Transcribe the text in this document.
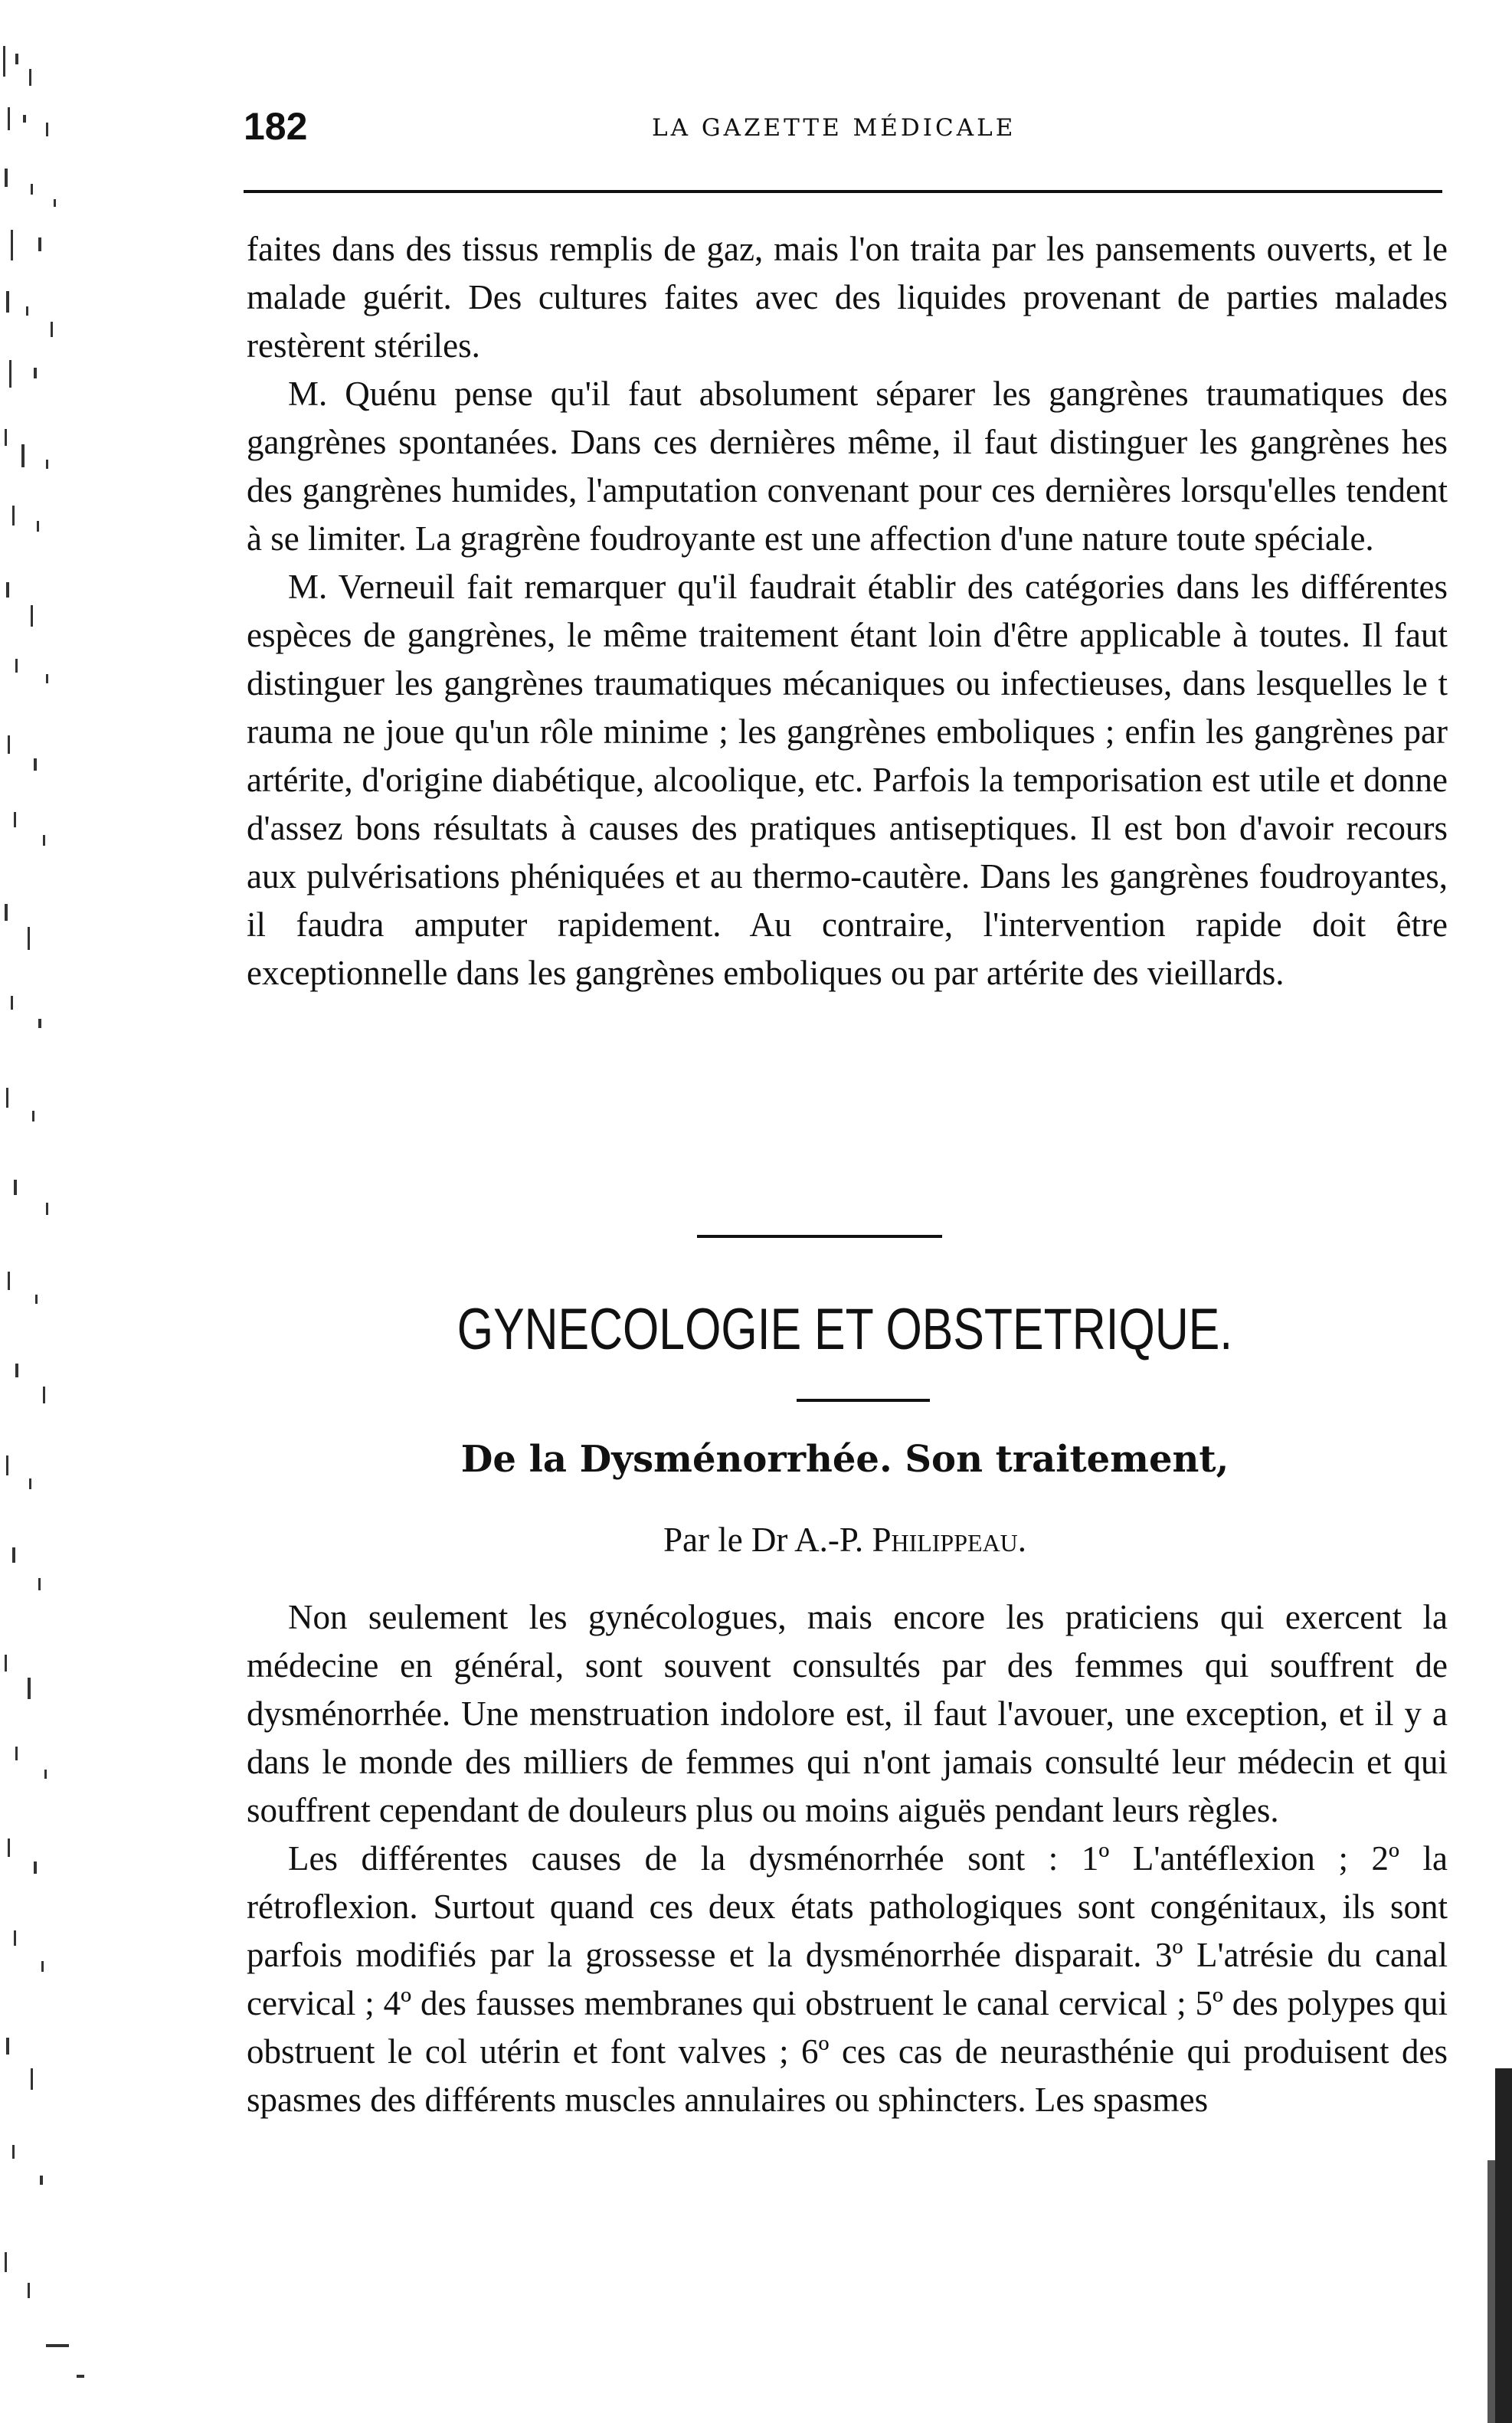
182	LA GAZETTE MÉDICALE

faites dans des tissus remplis de gaz, mais l'on traita par les pansements ouverts, et le malade guérit. Des cultures faites avec des liquides provenant de parties malades restèrent stériles.

M. Quénu pense qu'il faut absolument séparer les gangrènes traumatiques des gangrènes spontanées. Dans ces dernières même, il faut distinguer les gangrènes hes des gangrènes humides, l'amputation convenant pour ces dernières lorsqu'elles tendent à se limiter. La gragrène foudroyante est une affection d'une nature toute spéciale.

M. Verneuil fait remarquer qu'il faudrait établir des catégories dans les différentes espèces de gangrènes, le même traitement étant loin d'être applicable à toutes. Il faut distinguer les gangrènes traumatiques mécaniques ou infectieuses, dans lesquelles le t rauma ne joue qu'un rôle minime ; les gangrènes emboliques ; enfin les gangrènes par artérite, d'origine diabétique, alcoolique, etc. Parfois la temporisation est utile et donne d'assez bons résultats à causes des pratiques antiseptiques. Il est bon d'avoir recours aux pulvérisations phéniquées et au thermo-cautère. Dans les gangrènes foudroyantes, il faudra amputer rapidement. Au contraire, l'intervention rapide doit être exceptionnelle dans les gangrènes emboliques ou par artérite des vieillards.

GYNECOLOGIE ET OBSTETRIQUE.
De la Dysménorrhée. Son traitement,
Par le Dr A.-P. Philippeau.

Non seulement les gynécologues, mais encore les praticiens qui exercent la médecine en général, sont souvent consultés par des femmes qui souffrent de dysménorrhée. Une menstruation indolore est, il faut l'avouer, une exception, et il y a dans le monde des milliers de femmes qui n'ont jamais consulté leur médecin et qui souffrent cependant de douleurs plus ou moins aiguës pendant leurs règles.

Les différentes causes de la dysménorrhée sont : 1º L'antéflexion ; 2º la rétroflexion. Surtout quand ces deux états pathologiques sont congénitaux, ils sont parfois modifiés par la grossesse et la dysménorrhée disparait. 3º L'atrésie du canal cervical ; 4º des fausses membranes qui obstruent le canal cervical ; 5º des polypes qui obstruent le col utérin et font valves ; 6º ces cas de neurasthénie qui produisent des spasmes des différents muscles annulaires ou sphincters. Les spasmes
